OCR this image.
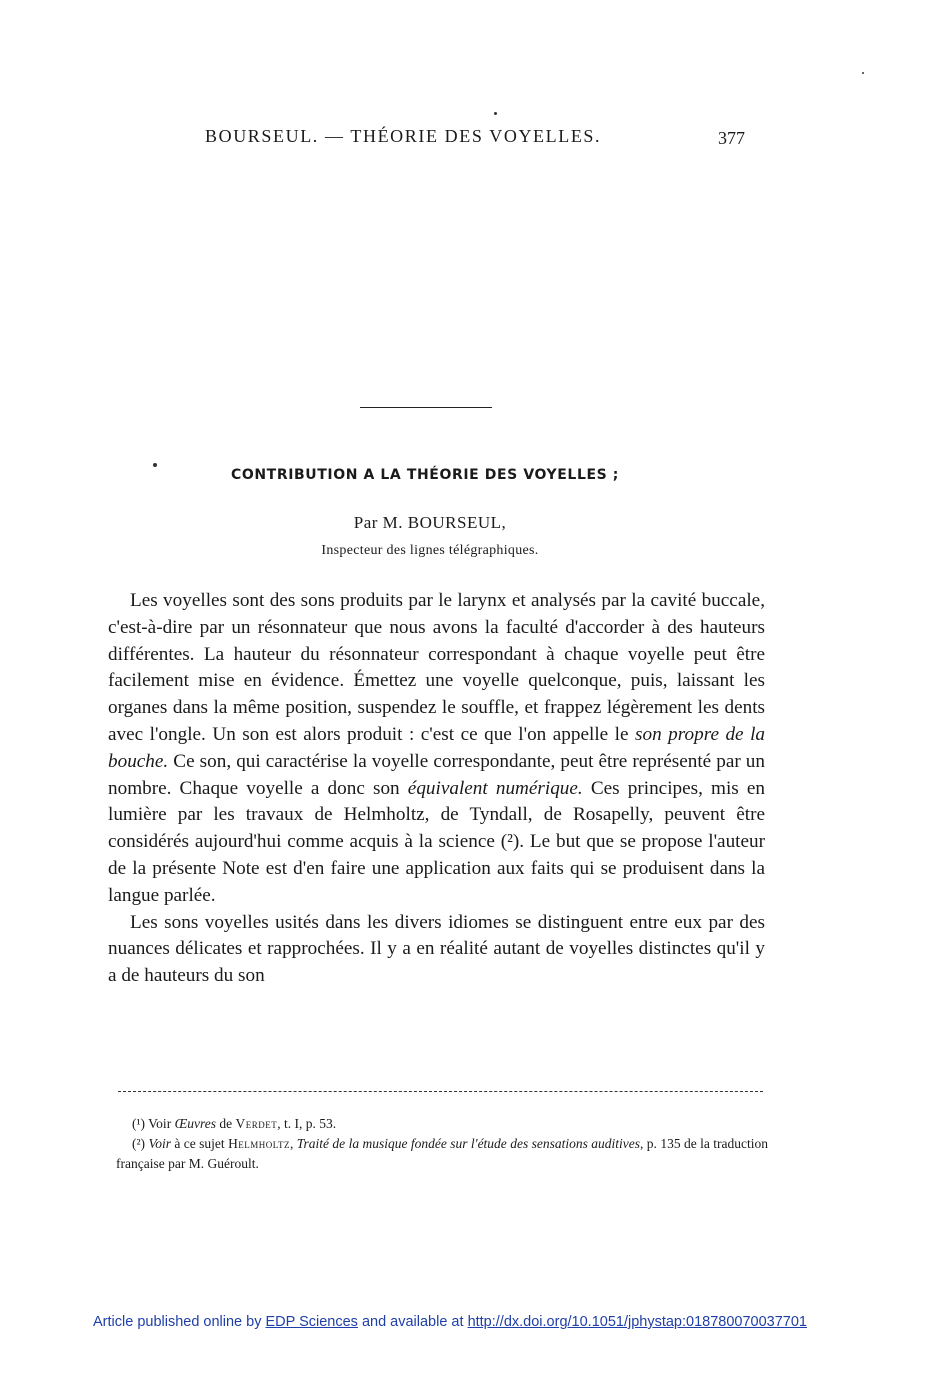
BOURSEUL. — THÉORIE DES VOYELLES.	377
CONTRIBUTION A LA THÉORIE DES VOYELLES ;
Par M. BOURSEUL,
Inspecteur des lignes télégraphiques.

Les voyelles sont des sons produits par le larynx et analysés par la cavité buccale, c'est-à-dire par un résonnateur que nous avons la faculté d'accorder à des hauteurs différentes. La hauteur du résonnateur correspondant à chaque voyelle peut être facilement mise en évidence. Émettez une voyelle quelconque, puis, laissant les organes dans la même position, suspendez le souffle, et frappez légèrement les dents avec l'ongle. Un son est alors produit : c'est ce que l'on appelle le son propre de la bouche. Ce son, qui caractérise la voyelle correspondante, peut être représenté par un nombre. Chaque voyelle a donc son équivalent numérique. Ces principes, mis en lumière par les travaux de Helmholtz, de Tyndall, de Rosapelly, peuvent être considérés aujourd'hui comme acquis à la science (²). Le but que se propose l'auteur de la présente Note est d'en faire une application aux faits qui se produisent dans la langue parlée.

Les sons voyelles usités dans les divers idiomes se distinguent entre eux par des nuances délicates et rapprochées. Il y a en réalité autant de voyelles distinctes qu'il y a de hauteurs du son

(¹) Voir Œuvres de Verdet, t. I, p. 53.

(²) Voir à ce sujet Helmholtz, Traité de la musique fondée sur l'étude des sensations auditives, p. 135 de la traduction française par M. Guéroult.

Article published online by EDP Sciences and available at http://dx.doi.org/10.1051/jphystap:018780070037701
